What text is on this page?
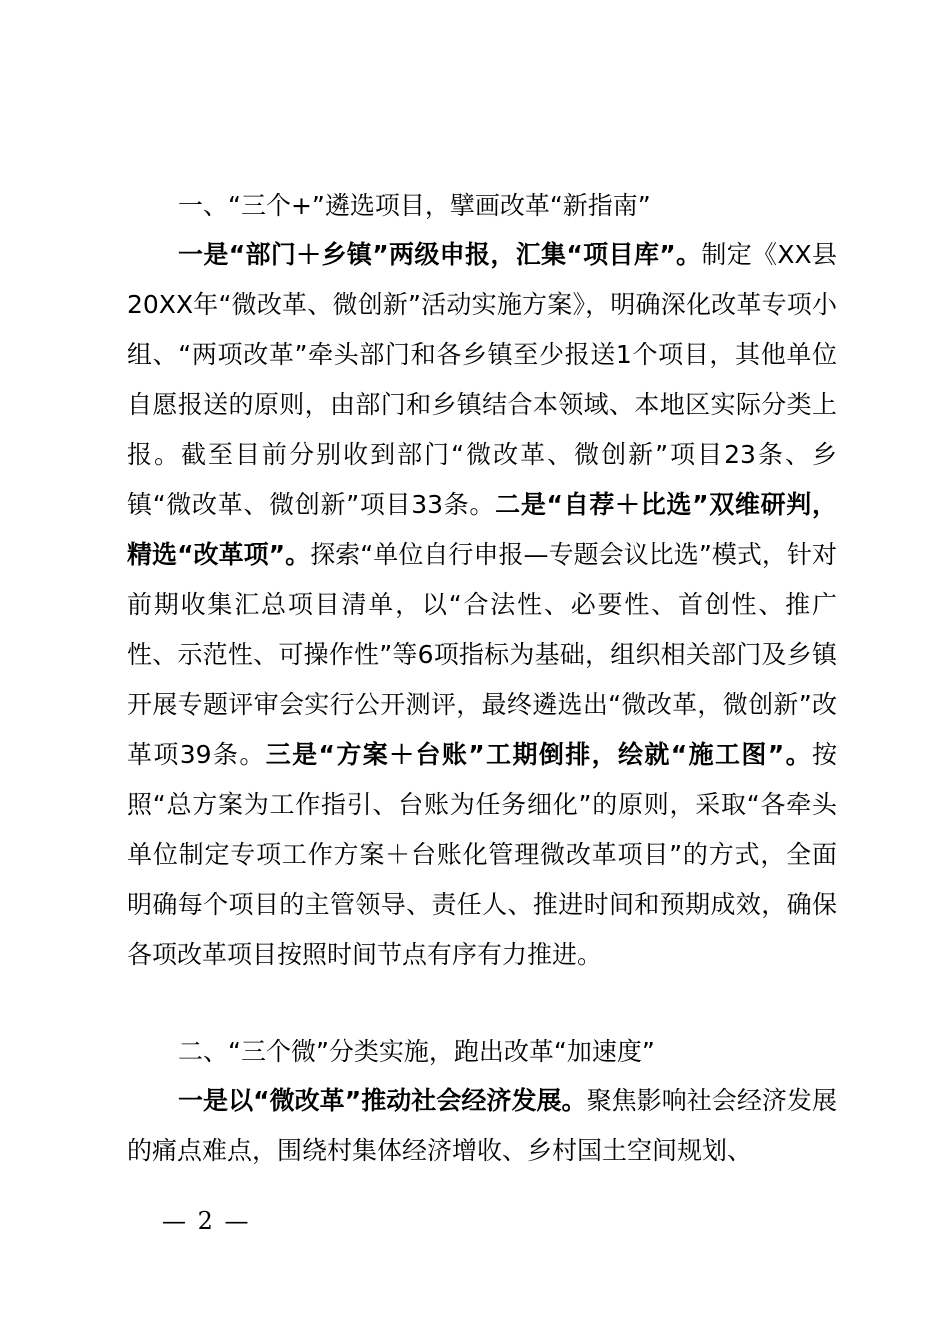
一、“三个+”遴选项目，擘画改革“新指南”

一是“部门＋乡镇”两级申报，汇集“项目库”。制定《XX县20XX年“微改革、微创新”活动实施方案》，明确深化改革专项小组、“两项改革”牵头部门和各乡镇至少报送1个项目，其他单位自愿报送的原则，由部门和乡镇结合本领域、本地区实际分类上报。截至目前分别收到部门“微改革、微创新”项目23条、乡镇“微改革、微创新”项目33条。二是“自荐＋比选”双维研判，精选“改革项”。探索“单位自行申报—专题会议比选”模式，针对前期收集汇总项目清单，以“合法性、必要性、首创性、推广性、示范性、可操作性”等6项指标为基础，组织相关部门及乡镇开展专题评审会实行公开测评，最终遴选出“微改革，微创新”改革项39条。三是“方案＋台账”工期倒排，绘就“施工图”。按照“总方案为工作指引、台账为任务细化”的原则，采取“各牵头单位制定专项工作方案＋台账化管理微改革项目”的方式，全面明确每个项目的主管领导、责任人、推进时间和预期成效，确保各项改革项目按照时间节点有序有力推进。

二、“三个微”分类实施，跑出改革“加速度”

一是以“微改革”推动社会经济发展。聚焦影响社会经济发展的痛点难点，围绕村集体经济增收、乡村国土空间规划、

— 2 —
